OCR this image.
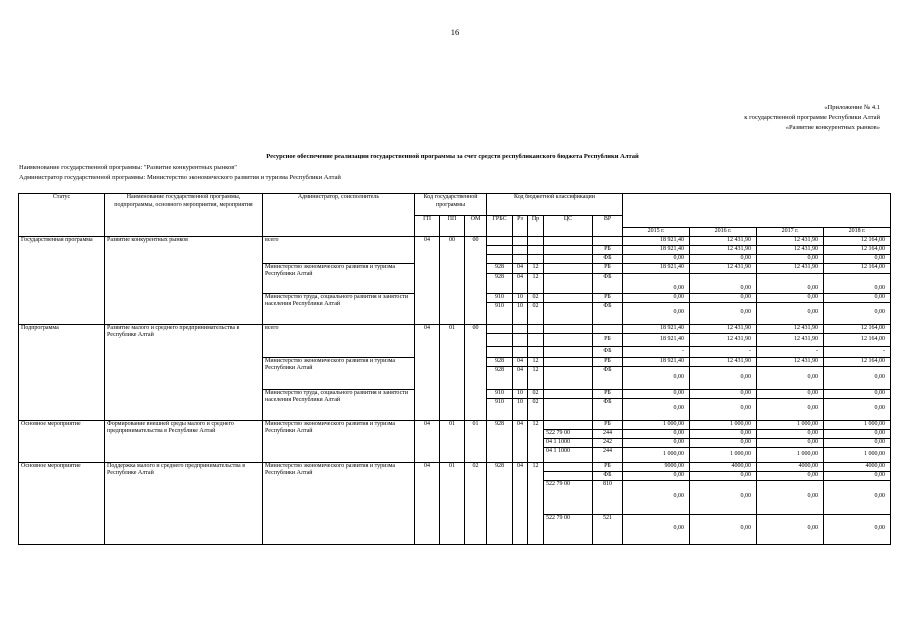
16
«Приложение № 4.1
к государственной программе Республики Алтай
«Развитие конкурентных рынков»
Ресурсное обеспечение реализации государственной программы за счет средств республиканского бюджета Республики Алтай
Наименование государственной программы: "Развитие конкурентных рынков"
Администратор государственной программы: Министерство экономического развития и туризма Республики Алтай
Статус	Наименование государственной программы, подпрограммы, основного мероприятия, мероприятия	Администратор, соисполнитель	Код государственной программы			Код бюджетной классификации								
			ГП	ПП	ОМ	ГРБС	Рз	Пр	ЦС	ВР				
											2015 г.	2016 г.	2017 г.	2018 г.
Государственная программа	Развитие конкурентных рынков	всего	04	00	00						18 921,40	12 431,90	12 431,90	12 164,00
										РБ	18 921,40	12 431,90	12 431,90	12 164,00
										ФБ	0,00	0,00	0,00	0,00
		Министерство экономического развития и туризма Республики Алтай				928	04	12		РБ	18 921,40	12 431,90	12 431,90	12 164,00
						928	04	12		ФБ	0,00	0,00	0,00	0,00
		Министерство труда, социального развития и занятости населения Республики Алтай				910	10	02		РБ	0,00	0,00	0,00	0,00
						910	10	02		ФБ	0,00	0,00	0,00	0,00
Подпрограмма	Развитие малого и среднего предпринимательства в Республике Алтай	всего	04	01	00						18 921,40	12 431,90	12 431,90	12 164,00
										РБ	18 921,40	12 431,90	12 431,90	12 164,00
										ФБ	-	-	-	-
		Министерство экономического развития и туризма Республики Алтай				928	04	12		РБ	18 921,40	12 431,90	12 431,90	12 164,00
						928	04	12		ФБ	0,00	0,00	0,00	0,00
		Министерство труда, социального развития и занятости населения Республики Алтай				910	10	02		РБ	0,00	0,00	0,00	0,00
						910	10	02		ФБ	0,00	0,00	0,00	0,00
Основное мероприятие	Формирование внешней среды малого и среднего предпринимательства в Республике Алтай	Министерство экономического развития и туризма Республики Алтай	04	01	01	928	04	12		РБ	1 000,00	1 000,00	1 000,00	1 000,00
									522 79 00	244	0,00	0,00	0,00	0,00
									04 1 1000	242	0,00	0,00	0,00	0,00
									04 1 1000	244	1 000,00	1 000,00	1 000,00	1 000,00
Основное мероприятие	Поддержка малого и среднего предпринимательства в Республике Алтай	Министерство экономического развития и туризма Республики Алтай	04	01	02	928	04	12		РБ	9000,00	4000,00	4000,00	4000,00
										ФБ	0,00	0,00	0,00	0,00
									522 79 00	810	0,00	0,00	0,00	0,00
									522 79 00	521	0,00	0,00	0,00	0,00
